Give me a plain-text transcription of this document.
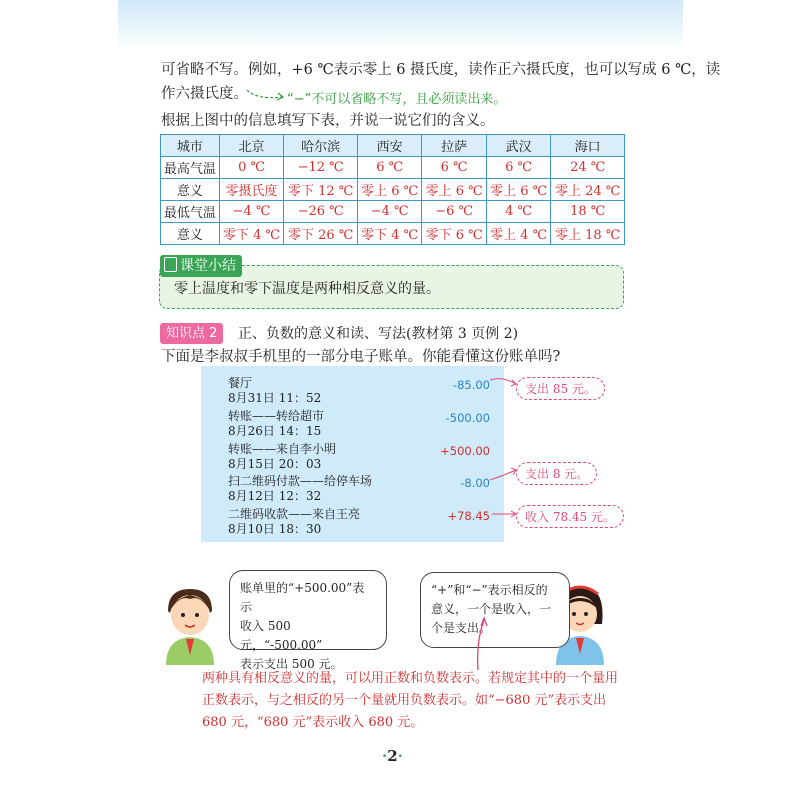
可省略不写。例如，+6 ℃表示零上 6 摄氏度，读作正六摄氏度，也可以写成 6 ℃，读

作六摄氏度。	“−”不可以省略不写，且必须读出来。

根据上图中的信息填写下表，并说一说它们的含义。

城市	北京	哈尔滨	西安	拉萨	武汉	海口
最高气温	0 ℃	−12 ℃	6 ℃	6 ℃	6 ℃	24 ℃
意义	零摄氏度	零下 12 ℃	零上 6 ℃	零上 6 ℃	零上 6 ℃	零上 24 ℃
最低气温	−4 ℃	−26 ℃	−4 ℃	−6 ℃	4 ℃	18 ℃
意义	零下 4 ℃	零下 26 ℃	零下 4 ℃	零下 6 ℃	零上 4 ℃	零上 18 ℃
课堂小结
零上温度和零下温度是两种相反意义的量。
知识点 2	正、负数的意义和读、写法(教材第 3 页例 2)
下面是李叔叔手机里的一部分电子账单。你能看懂这份账单吗?
餐厅
8月31日 11：52
-85.00
转账——转给超市
8月26日 14：15
-500.00
转账——来自李小明
8月15日 20：03
+500.00
扫二维码付款——给停车场
8月12日 12：32
-8.00
二维码收款——来自王亮
8月10日 18：30
+78.45
支出 85 元。
支出 8 元。
收入 78.45 元。
账单里的“+500.00”表示
收入 500 元，“-500.00”
表示支出 500 元。
“+”和“−”表示相反的
意义，一个是收入，一
个是支出。

两种具有相反意义的量，可以用正数和负数表示。若规定其中的一个量用正数表示，与之相反的另一个量就用负数表示。如“−680 元”表示支出 680 元，“680 元”表示收入 680 元。

·2·
